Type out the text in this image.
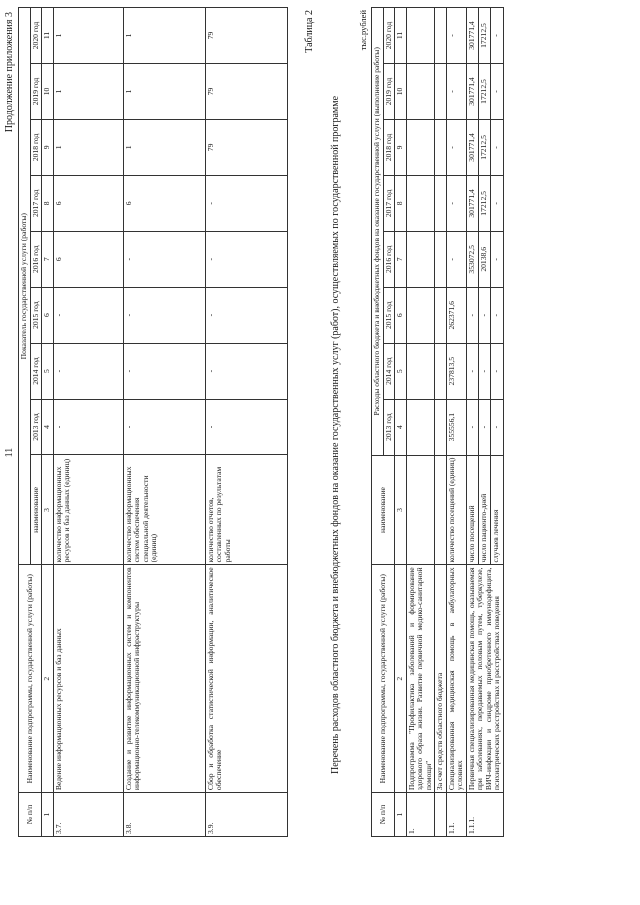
11
Продолжение приложения 3
№ п/п	Наименование подпрограммы, государственной услуги (работы)	Показатель государственной услуги (работы)								
		наименование	2013 год	2014 год	2015 год	2016 год	2017 год	2018 год	2019 год	2020 год
1	2	3	4	5	6	7	8	9	10	11
3.7.	Ведение информационных ресурсов и баз данных	количество информационных ресурсов и баз данных (единиц)	-	-	-	6	6	1	1	1
3.8.	Создание и развитие информационных систем и компонентов информационно-телекоммуникационной инфраструктуры	количество информационных систем обеспечения специальной деятельности (единиц)	-	-	-	-	6	1	1	1
3.9.	Сбор и обработка статистической информации, аналитическое обеспечение	количество отчетов, составленных по результатам работы	-	-	-	-	-	79	79	79	Таблица 2
Перечень расходов областного бюджета и внебюджетных фондов на оказание государственных услуг (работ), осуществляемых по государственной программе
тыс.рублей
№ п/п	Наименование подпрограммы, государственной услуги (работы)	наименование	Расходы областного бюджета и внебюджетных фондов на оказание государственной услуги (выполнение работы)							
			2013 год	2014 год	2015 год	2016 год	2017 год	2018 год	2019 год	2020 год
1	2	3	4	5	6	7	8	9	10	11
1.	Подпрограмма "Профилактика заболеваний и формирование здорового образа жизни. Развитие первичной медико-санитарной помощи"									
	За счет средств областного бюджета									
1.1.	Специализированная медицинская помощь в амбулаторных условиях	количество посещений (единиц)	355556,1	237813,5	262371,6	-	-	-	-	-
1.1.1.	Первичная специализированная медицинская помощь, оказываемая при заболеваниях, передаваемых половым путем, туберкулезе, ВИЧ-инфекции и синдроме приобретенного иммунодефицита, психиатрических расстройствах и расстройствах поведения	число посещений	-	-	-	353072,5	301771,4	301771,4	301771,4	301771,4
		число пациенто-дней	-	-	-	20138,6	17212,5	17212,5	17212,5	17212,5
		случаев лечения	-	-	-	-	-	-	-	-
